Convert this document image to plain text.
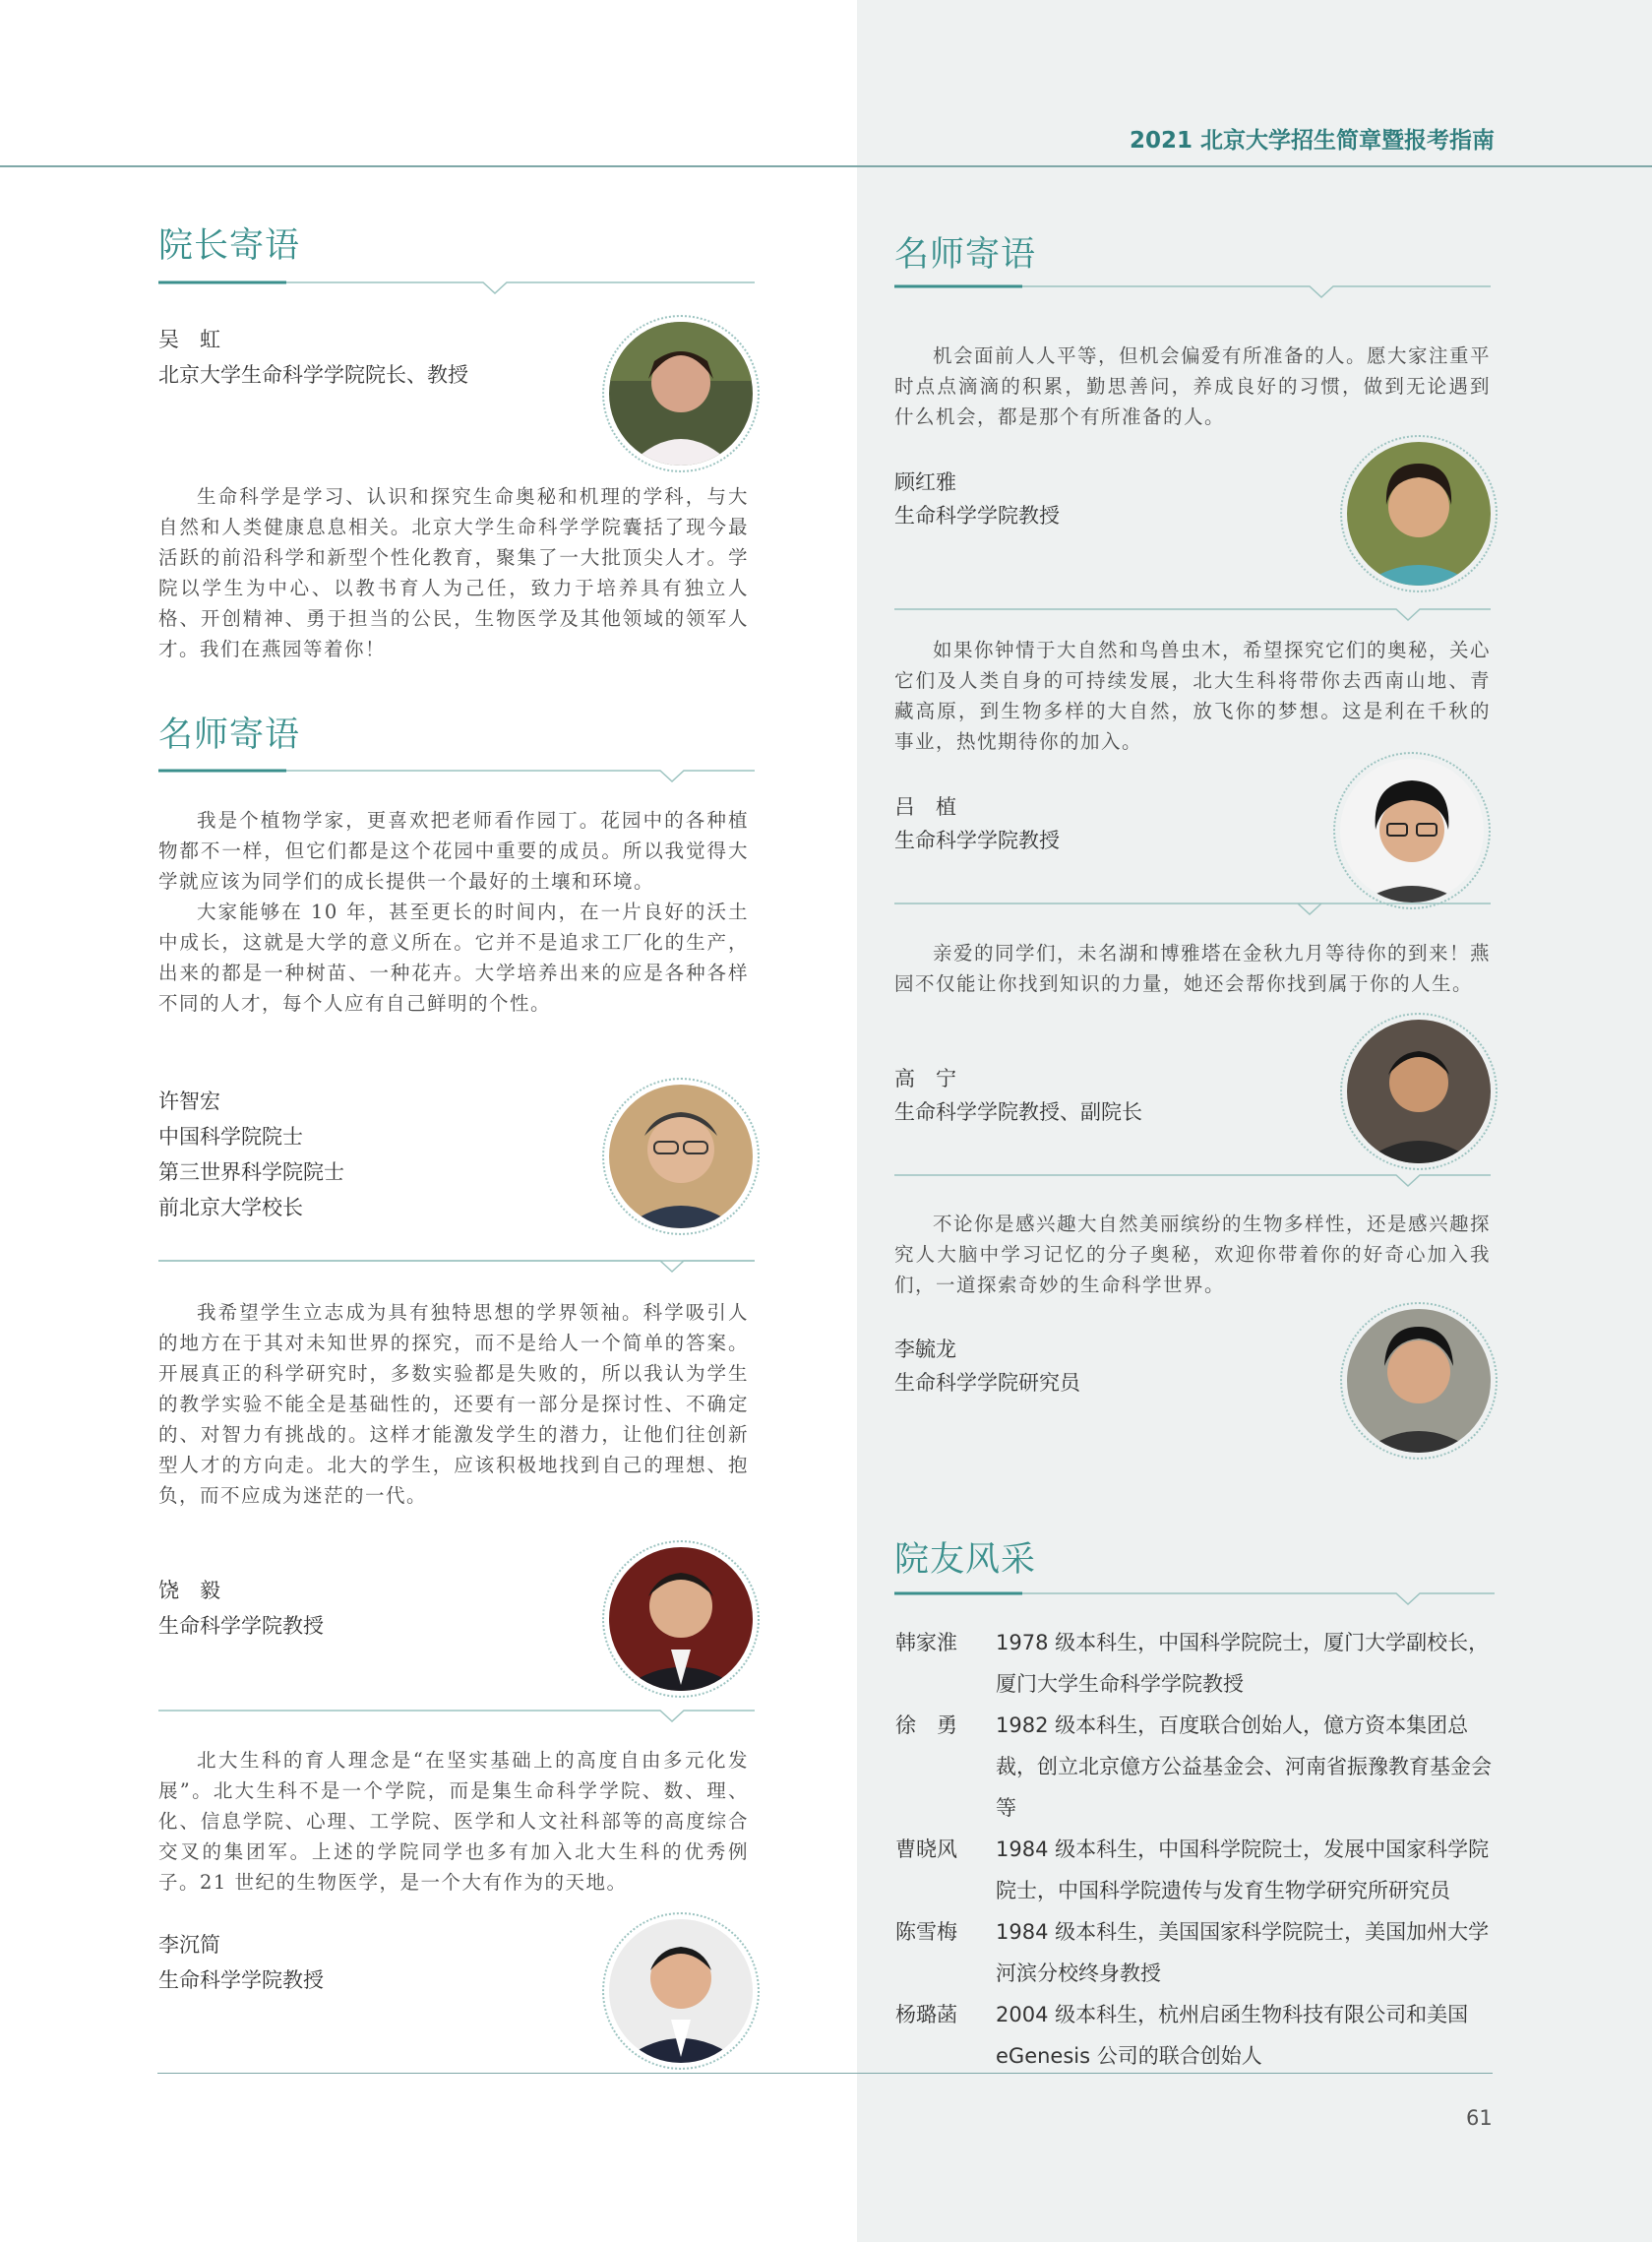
2021 北京大学招生简章暨报考指南
院长寄语
吴　虹
北京大学生命科学学院院长、教授
生命科学是学习、认识和探究生命奥秘和机理的学科，与大自然和人类健康息息相关。北京大学生命科学学院囊括了现今最活跃的前沿科学和新型个性化教育，聚集了一大批顶尖人才。学院以学生为中心、以教书育人为己任，致力于培养具有独立人格、开创精神、勇于担当的公民，生物医学及其他领域的领军人才。我们在燕园等着你！
名师寄语

我是个植物学家，更喜欢把老师看作园丁。花园中的各种植物都不一样，但它们都是这个花园中重要的成员。所以我觉得大学就应该为同学们的成长提供一个最好的土壤和环境。

大家能够在 10 年，甚至更长的时间内，在一片良好的沃土中成长，这就是大学的意义所在。它并不是追求工厂化的生产，出来的都是一种树苗、一种花卉。大学培养出来的应是各种各样不同的人才，每个人应有自己鲜明的个性。

许智宏
中国科学院院士
第三世界科学院院士
前北京大学校长
我希望学生立志成为具有独特思想的学界领袖。科学吸引人的地方在于其对未知世界的探究，而不是给人一个简单的答案。开展真正的科学研究时，多数实验都是失败的，所以我认为学生的教学实验不能全是基础性的，还要有一部分是探讨性、不确定的、对智力有挑战的。这样才能激发学生的潜力，让他们往创新型人才的方向走。北大的学生，应该积极地找到自己的理想、抱负，而不应成为迷茫的一代。
饶　毅
生命科学学院教授
北大生科的育人理念是“在坚实基础上的高度自由多元化发展”。北大生科不是一个学院，而是集生命科学学院、数、理、化、信息学院、心理、工学院、医学和人文社科部等的高度综合交叉的集团军。上述的学院同学也多有加入北大生科的优秀例子。21 世纪的生物医学，是一个大有作为的天地。
李沉简
生命科学学院教授
名师寄语
机会面前人人平等，但机会偏爱有所准备的人。愿大家注重平时点点滴滴的积累，勤思善问，养成良好的习惯，做到无论遇到什么机会，都是那个有所准备的人。
顾红雅
生命科学学院教授
如果你钟情于大自然和鸟兽虫木，希望探究它们的奥秘，关心它们及人类自身的可持续发展，北大生科将带你去西南山地、青藏高原，到生物多样的大自然，放飞你的梦想。这是利在千秋的事业，热忱期待你的加入。
吕　植
生命科学学院教授
亲爱的同学们，未名湖和博雅塔在金秋九月等待你的到来！燕园不仅能让你找到知识的力量，她还会帮你找到属于你的人生。
高　宁
生命科学学院教授、副院长
不论你是感兴趣大自然美丽缤纷的生物多样性，还是感兴趣探究人大脑中学习记忆的分子奥秘，欢迎你带着你的好奇心加入我们，一道探索奇妙的生命科学世界。
李毓龙
生命科学学院研究员
院友风采
韩家淮	1978 级本科生，中国科学院院士，厦门大学副校长，厦门大学生命科学学院教授
徐　勇	1982 级本科生，百度联合创始人，億方资本集团总裁，创立北京億方公益基金会、河南省振豫教育基金会等
曹晓风	1984 级本科生，中国科学院院士，发展中国家科学院院士，中国科学院遗传与发育生物学研究所研究员
陈雪梅	1984 级本科生，美国国家科学院院士，美国加州大学河滨分校终身教授
杨璐菡	2004 级本科生，杭州启函生物科技有限公司和美国 eGenesis 公司的联合创始人
61
